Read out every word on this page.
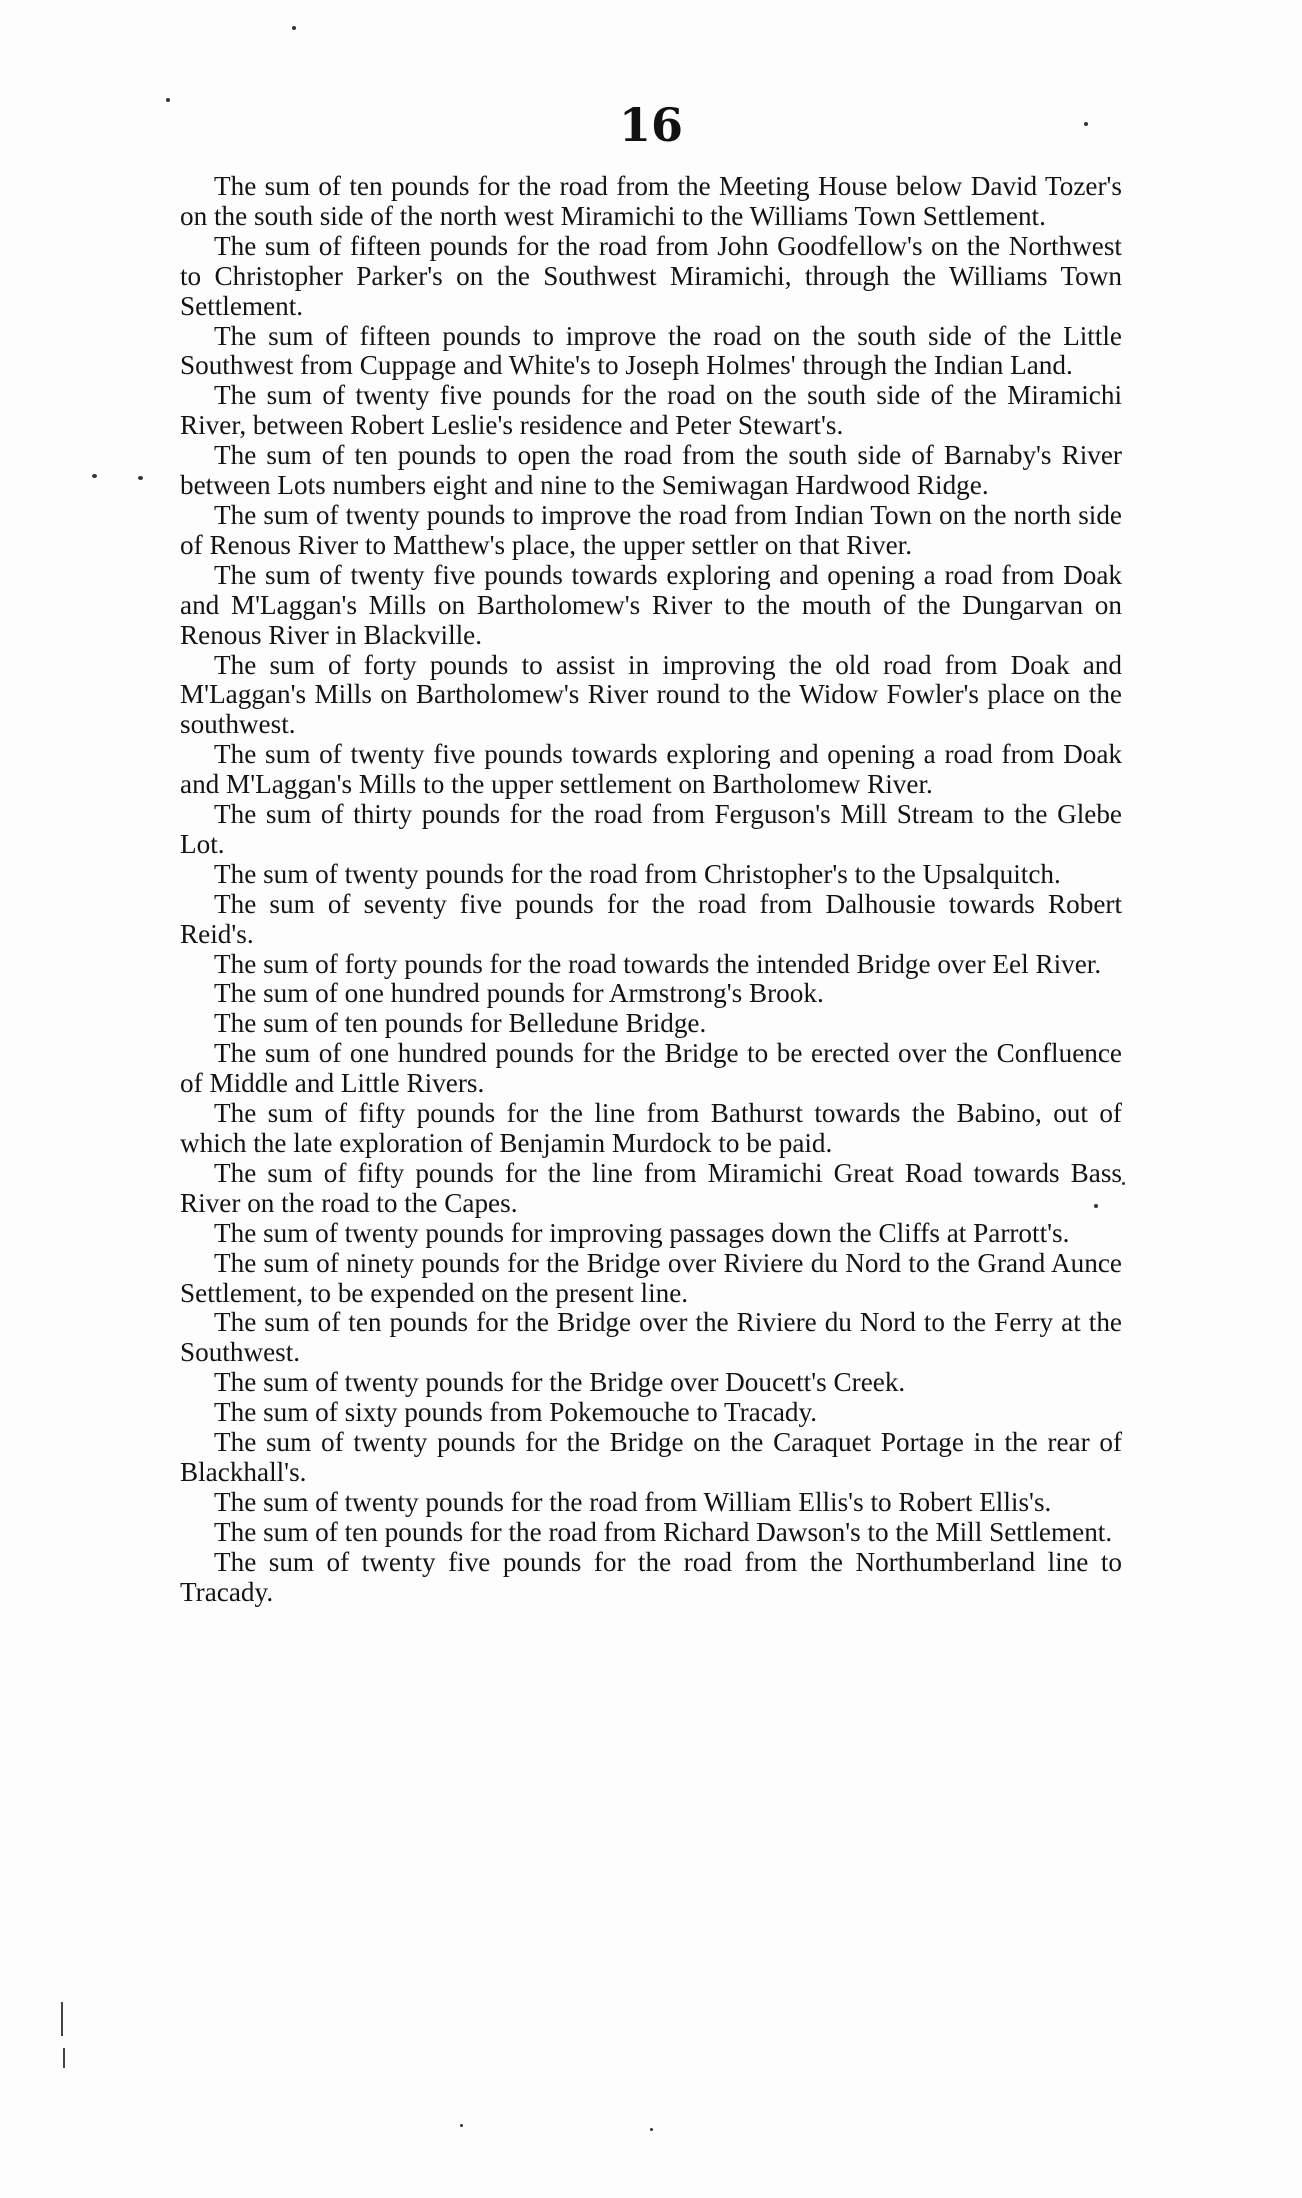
16

The sum of ten pounds for the road from the Meeting House below David Tozer's on the south side of the north west Miramichi to the Williams Town Settlement.

The sum of fifteen pounds for the road from John Goodfellow's on the Northwest to Christopher Parker's on the Southwest Miramichi, through the Williams Town Settlement.

The sum of fifteen pounds to improve the road on the south side of the Little Southwest from Cuppage and White's to Joseph Holmes' through the Indian Land.

The sum of twenty five pounds for the road on the south side of the Miramichi River, between Robert Leslie's residence and Peter Stewart's.

The sum of ten pounds to open the road from the south side of Barnaby's River between Lots numbers eight and nine to the Semiwagan Hardwood Ridge.

The sum of twenty pounds to improve the road from Indian Town on the north side of Renous River to Matthew's place, the upper settler on that River.

The sum of twenty five pounds towards exploring and opening a road from Doak and M'Laggan's Mills on Bartholomew's River to the mouth of the Dungarvan on Renous River in Blackville.

The sum of forty pounds to assist in improving the old road from Doak and M'Laggan's Mills on Bartholomew's River round to the Widow Fowler's place on the southwest.

The sum of twenty five pounds towards exploring and opening a road from Doak and M'Laggan's Mills to the upper settlement on Bartholomew River.

The sum of thirty pounds for the road from Ferguson's Mill Stream to the Glebe Lot.

The sum of twenty pounds for the road from Christopher's to the Upsalquitch.

The sum of seventy five pounds for the road from Dalhousie towards Robert Reid's.

The sum of forty pounds for the road towards the intended Bridge over Eel River.

The sum of one hundred pounds for Armstrong's Brook.

The sum of ten pounds for Belledune Bridge.

The sum of one hundred pounds for the Bridge to be erected over the Confluence of Middle and Little Rivers.

The sum of fifty pounds for the line from Bathurst towards the Babino, out of which the late exploration of Benjamin Murdock to be paid.

The sum of fifty pounds for the line from Miramichi Great Road towards Bass River on the road to the Capes.

The sum of twenty pounds for improving passages down the Cliffs at Parrott's.

The sum of ninety pounds for the Bridge over Riviere du Nord to the Grand Aunce Settlement, to be expended on the present line.

The sum of ten pounds for the Bridge over the Riviere du Nord to the Ferry at the Southwest.

The sum of twenty pounds for the Bridge over Doucett's Creek.

The sum of sixty pounds from Pokemouche to Tracady.

The sum of twenty pounds for the Bridge on the Caraquet Portage in the rear of Blackhall's.

The sum of twenty pounds for the road from William Ellis's to Robert Ellis's.

The sum of ten pounds for the road from Richard Dawson's to the Mill Settlement.

The sum of twenty five pounds for the road from the Northumberland line to Tracady.
